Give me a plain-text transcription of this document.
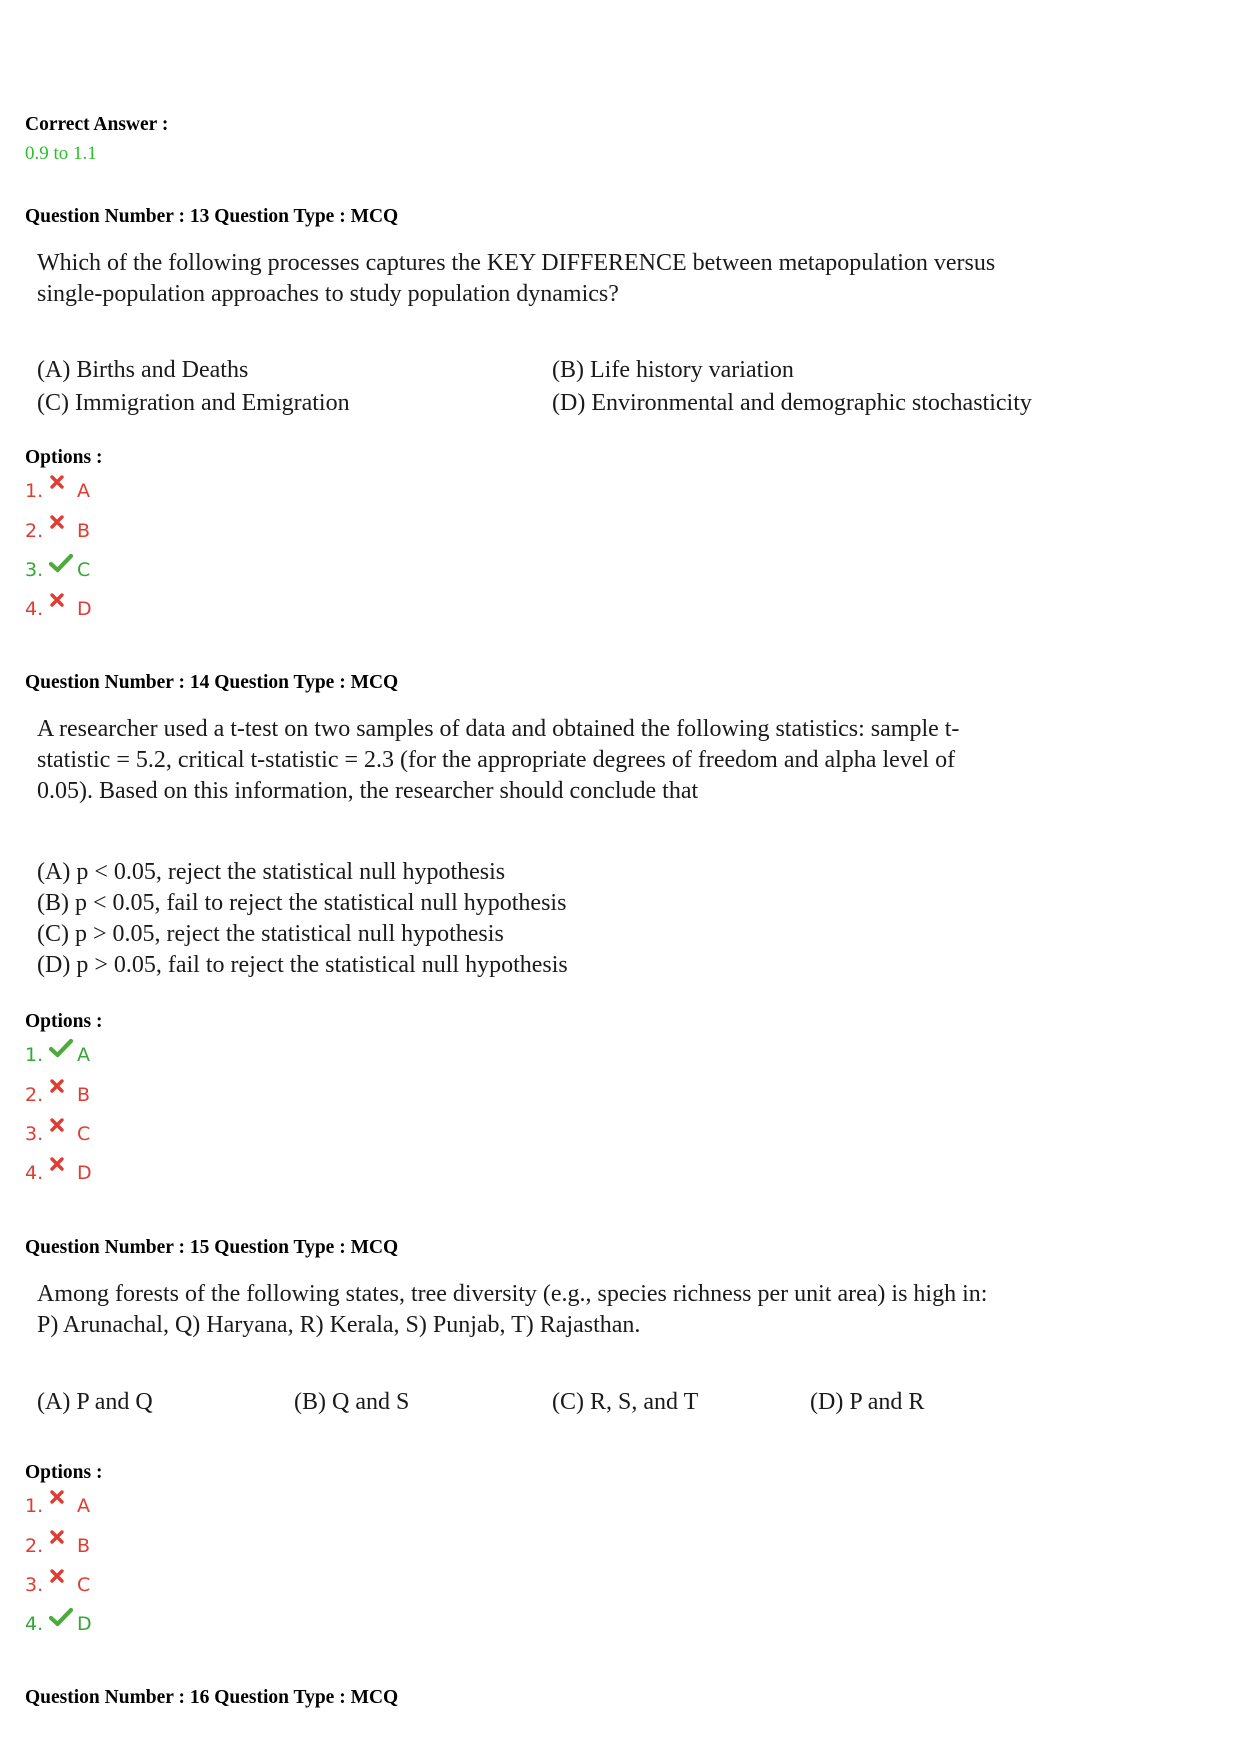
Correct Answer :
0.9 to 1.1
Question Number : 13 Question Type : MCQ
Which of the following processes captures the KEY DIFFERENCE between metapopulation versus
single-population approaches to study population dynamics?
(A) Births and Deaths	(B) Life history variation
(C) Immigration and Emigration	(D) Environmental and demographic stochasticity
Options :
1.	A
2.	B
3.	C
4.	D
Question Number : 14 Question Type : MCQ
A researcher used a t-test on two samples of data and obtained the following statistics: sample t-
statistic = 5.2, critical t-statistic = 2.3 (for the appropriate degrees of freedom and alpha level of
0.05). Based on this information, the researcher should conclude that
(A) p < 0.05, reject the statistical null hypothesis
(B) p < 0.05, fail to reject the statistical null hypothesis
(C) p > 0.05, reject the statistical null hypothesis
(D) p > 0.05, fail to reject the statistical null hypothesis
Options :
1.	A
2.	B
3.	C
4.	D
Question Number : 15 Question Type : MCQ
Among forests of the following states, tree diversity (e.g., species richness per unit area) is high in:
P) Arunachal, Q) Haryana, R) Kerala, S) Punjab, T) Rajasthan.
(A) P and Q	(B) Q and S	(C) R, S, and T	(D) P and R
Options :
1.	A
2.	B
3.	C
4.	D
Question Number : 16 Question Type : MCQ
